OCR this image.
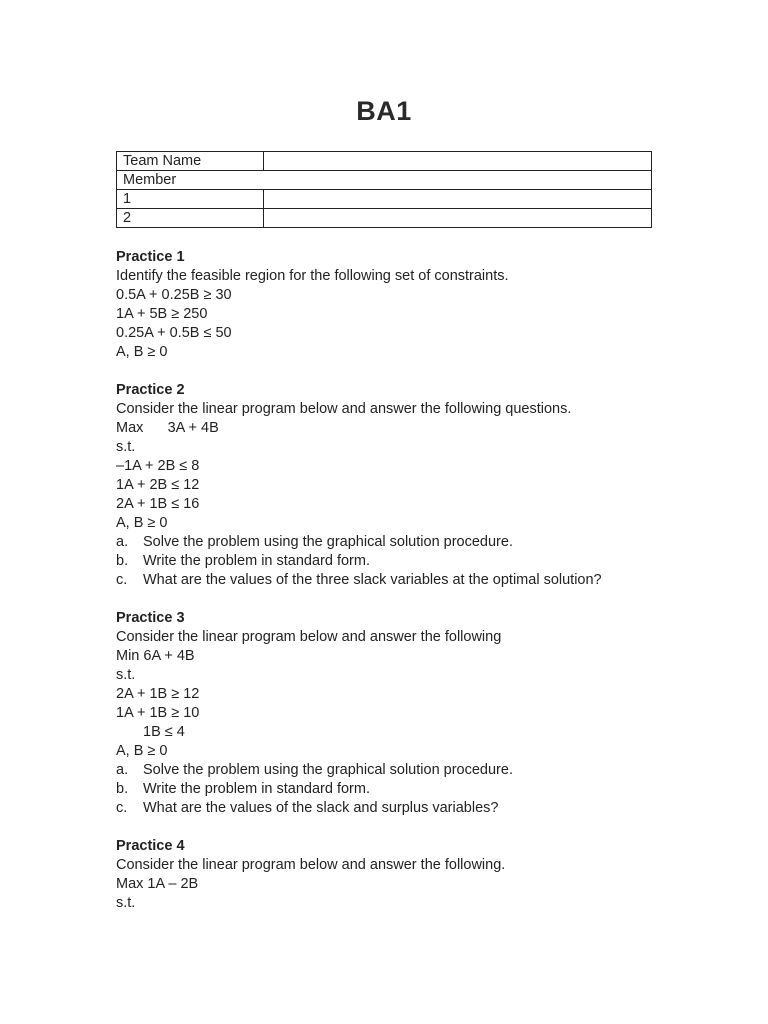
BA1
Team Name	
Member	
1	
2	
Practice 1
Identify the feasible region for the following set of constraints.
0.5A + 0.25B ≥ 30
1A + 5B ≥ 250
0.25A + 0.5B ≤ 50
A, B ≥ 0
Practice 2
Consider the linear program below and answer the following questions.
Max      3A + 4B
s.t.
–1A + 2B ≤ 8
1A + 2B ≤ 12
2A + 1B ≤ 16
A, B ≥ 0
a. Solve the problem using the graphical solution procedure.
b. Write the problem in standard form.
c. What are the values of the three slack variables at the optimal solution?
Practice 3
Consider the linear program below and answer the following
Min 6A + 4B
s.t.
2A + 1B ≥ 12
1A + 1B ≥ 10
1B ≤ 4
A, B ≥ 0
a. Solve the problem using the graphical solution procedure.
b. Write the problem in standard form.
c. What are the values of the slack and surplus variables?
Practice 4
Consider the linear program below and answer the following.
Max 1A – 2B
s.t.
